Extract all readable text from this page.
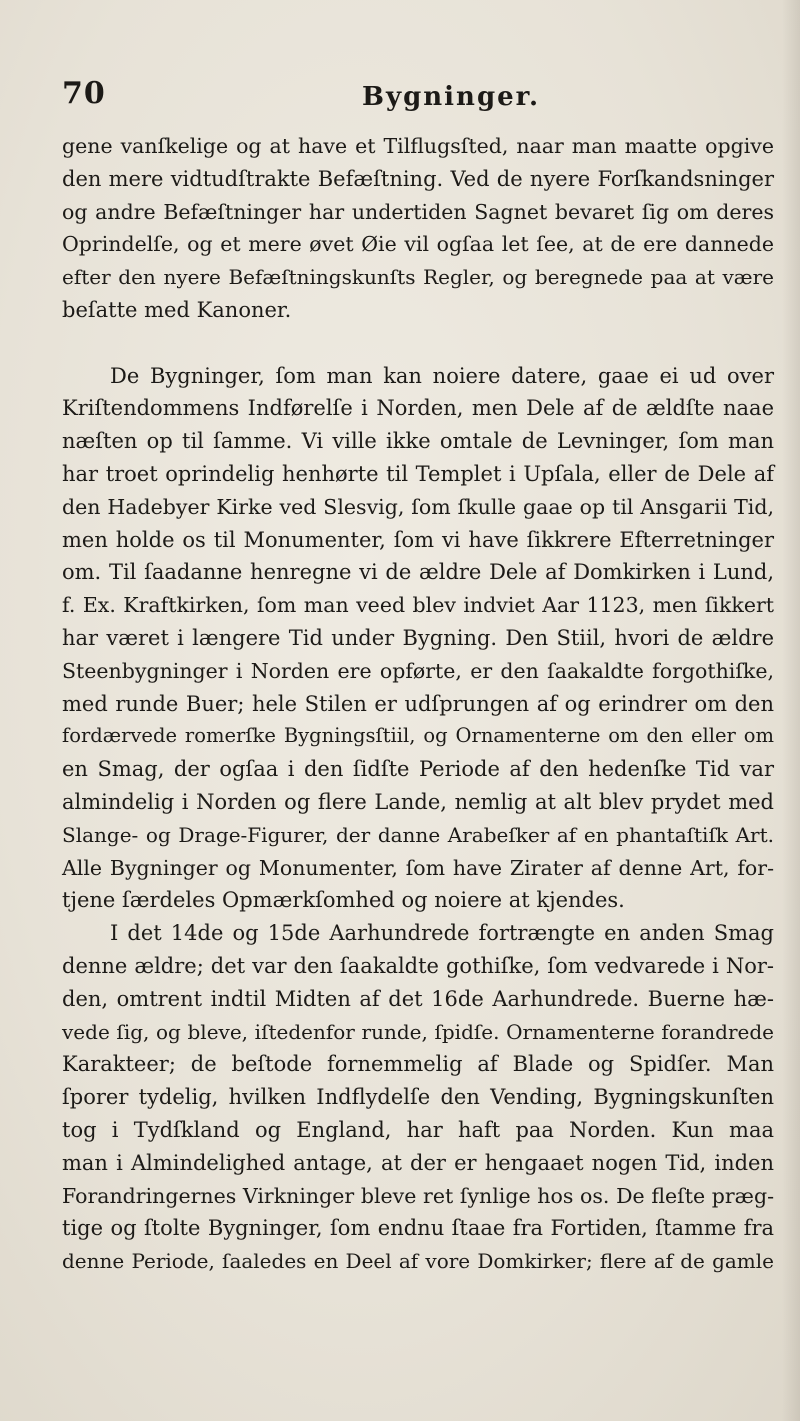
70	Bygninger.
gene vanſkelige og at have et Tilflugsſted, naar man maatte opgive
den mere vidtudſtrakte Befæſtning. Ved de nyere Forſkandsninger
og andre Befæſtninger har undertiden Sagnet bevaret ſig om deres
Oprindelſe, og et mere øvet Øie vil ogſaa let ſee, at de ere dannede
efter den nyere Befæſtningskunſts Regler, og beregnede paa at være
beſatte med Kanoner.
De Bygninger, ſom man kan noiere datere, gaae ei ud over
Kriſtendommens Indførelſe i Norden, men Dele af de ældſte naae
næſten op til ſamme. Vi ville ikke omtale de Levninger, ſom man
har troet oprindelig henhørte til Templet i Upſala, eller de Dele af
den Hadebyer Kirke ved Slesvig, ſom ſkulle gaae op til Ansgarii Tid,
men holde os til Monumenter, ſom vi have ſikkrere Efterretninger
om. Til ſaadanne henregne vi de ældre Dele af Domkirken i Lund,
f. Ex. Kraftkirken, ſom man veed blev indviet Aar 1123, men ſikkert
har været i længere Tid under Bygning. Den Stiil, hvori de ældre
Steenbygninger i Norden ere opførte, er den ſaakaldte forgothiſke,
med runde Buer; hele Stilen er udſprungen af og erindrer om den
fordærvede romerſke Bygningsſtiil, og Ornamenterne om den eller om
en Smag, der ogſaa i den ſidſte Periode af den hedenſke Tid var
almindelig i Norden og flere Lande, nemlig at alt blev prydet med
Slange- og Drage-Figurer, der danne Arabeſker af en phantaſtiſk Art.
Alle Bygninger og Monumenter, ſom have Zirater af denne Art, for-
tjene ſærdeles Opmærkſomhed og noiere at kjendes.
I det 14de og 15de Aarhundrede fortrængte en anden Smag
denne ældre; det var den ſaakaldte gothiſke, ſom vedvarede i Nor-
den, omtrent indtil Midten af det 16de Aarhundrede. Buerne hæ-
vede ſig, og bleve, iſtedenfor runde, ſpidſe. Ornamenterne forandrede
Karakteer; de beſtode fornemmelig af Blade og Spidſer. Man
ſporer tydelig, hvilken Indflydelſe den Vending, Bygningskunſten
tog i Tydſkland og England, har haft paa Norden. Kun maa
man i Almindelighed antage, at der er hengaaet nogen Tid, inden
Forandringernes Virkninger bleve ret ſynlige hos os. De fleſte præg-
tige og ſtolte Bygninger, ſom endnu ſtaae fra Fortiden, ſtamme fra
denne Periode, ſaaledes en Deel af vore Domkirker; flere af de gamle
